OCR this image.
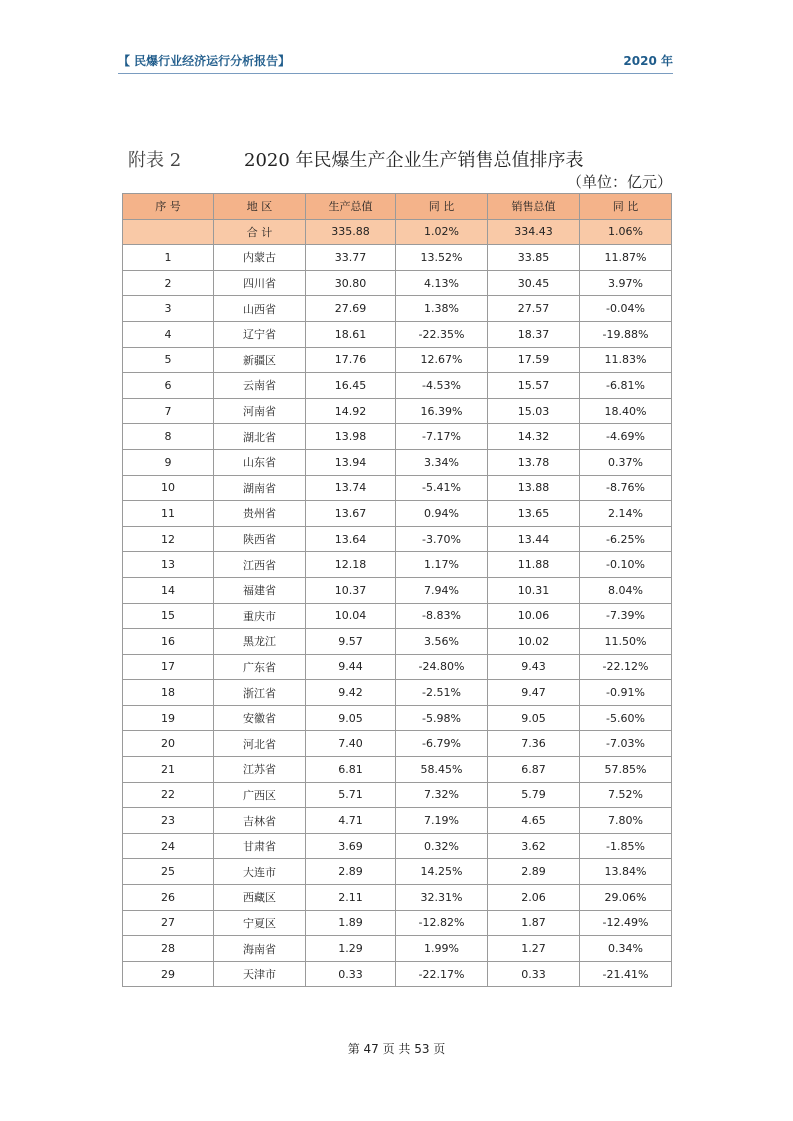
【 民爆行业经济运行分析报告】	2020 年
附表 2	2020 年民爆生产企业生产销售总值排序表
（单位：亿元）
序 号	地 区	生产总值	同 比	销售总值	同 比
	合 计	335.88	1.02%	334.43	1.06%
1	内蒙古	33.77	13.52%	33.85	11.87%
2	四川省	30.80	4.13%	30.45	3.97%
3	山西省	27.69	1.38%	27.57	-0.04%
4	辽宁省	18.61	-22.35%	18.37	-19.88%
5	新疆区	17.76	12.67%	17.59	11.83%
6	云南省	16.45	-4.53%	15.57	-6.81%
7	河南省	14.92	16.39%	15.03	18.40%
8	湖北省	13.98	-7.17%	14.32	-4.69%
9	山东省	13.94	3.34%	13.78	0.37%
10	湖南省	13.74	-5.41%	13.88	-8.76%
11	贵州省	13.67	0.94%	13.65	2.14%
12	陕西省	13.64	-3.70%	13.44	-6.25%
13	江西省	12.18	1.17%	11.88	-0.10%
14	福建省	10.37	7.94%	10.31	8.04%
15	重庆市	10.04	-8.83%	10.06	-7.39%
16	黑龙江	9.57	3.56%	10.02	11.50%
17	广东省	9.44	-24.80%	9.43	-22.12%
18	浙江省	9.42	-2.51%	9.47	-0.91%
19	安徽省	9.05	-5.98%	9.05	-5.60%
20	河北省	7.40	-6.79%	7.36	-7.03%
21	江苏省	6.81	58.45%	6.87	57.85%
22	广西区	5.71	7.32%	5.79	7.52%
23	吉林省	4.71	7.19%	4.65	7.80%
24	甘肃省	3.69	0.32%	3.62	-1.85%
25	大连市	2.89	14.25%	2.89	13.84%
26	西藏区	2.11	32.31%	2.06	29.06%
27	宁夏区	1.89	-12.82%	1.87	-12.49%
28	海南省	1.29	1.99%	1.27	0.34%
29	天津市	0.33	-22.17%	0.33	-21.41%
第 47 页 共 53 页
